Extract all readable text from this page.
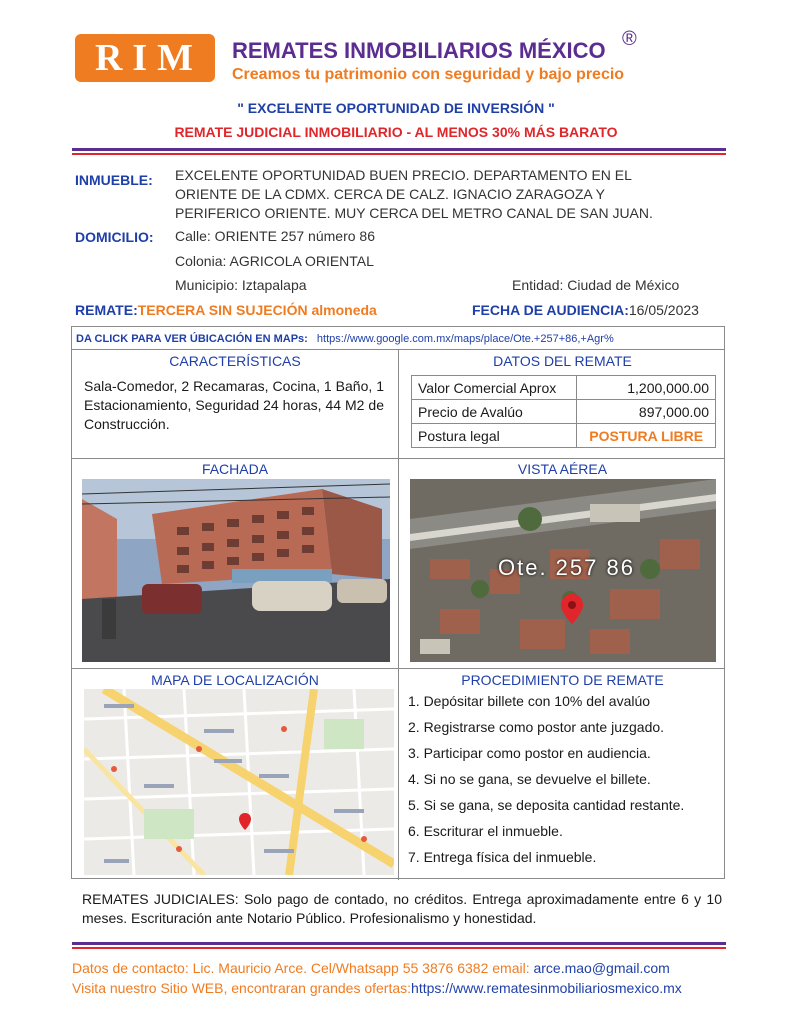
RIM	REMATES INMOBILIARIOS MÉXICO ®
Creamos tu patrimonio con seguridad y bajo precio
" EXCELENTE OPORTUNIDAD DE INVERSIÓN "
REMATE JUDICIAL INMOBILIARIO - AL MENOS 30% MÁS BARATO
INMUEBLE: EXCELENTE OPORTUNIDAD BUEN PRECIO. DEPARTAMENTO EN EL
ORIENTE DE LA CDMX. CERCA DE CALZ. IGNACIO ZARAGOZA Y
PERIFERICO ORIENTE. MUY CERCA DEL METRO CANAL DE SAN JUAN.
DOMICILIO: Calle: ORIENTE 257 número 86
Colonia: AGRICOLA ORIENTAL
Municipio: Iztapalapa	Entidad: Ciudad de México
REMATE:TERCERA SIN SUJECIÓN almoneda	FECHA DE AUDIENCIA:16/05/2023
DA CLICK PARA VER ÚBICACIÓN EN MAPs: https://www.google.com.mx/maps/place/Ote.+257+86,+Agr%
CARACTERÍSTICAS	DATOS DEL REMATE
Sala-Comedor, 2 Recamaras, Cocina, 1 Baño, 1 Estacionamiento, Seguridad 24 horas, 44 M2 de Construcción.
Valor Comercial Aprox	1,200,000.00
Precio de Avalúo	897,000.00
Postura legal	POSTURA LIBRE
FACHADA	VISTA AÉREA
Ote. 257 86
MAPA DE LOCALIZACIÓN	PROCEDIMIENTO DE REMATE
1. Depósitar billete con 10% del avalúo
2. Registrarse como postor ante juzgado.
3. Participar como postor en audiencia.
4. Si no se gana, se devuelve el billete.
5. Si se gana, se deposita cantidad restante.
6. Escriturar el inmueble.
7. Entrega física del inmueble.
REMATES JUDICIALES: Solo pago de contado, no créditos. Entrega aproximadamente entre 6 y 10 meses. Escrituración ante Notario Público. Profesionalismo y honestidad.
Datos de contacto: Lic. Mauricio Arce. Cel/Whatsapp 55 3876 6382 email: arce.mao@gmail.com
Visita nuestro Sitio WEB, encontraran grandes ofertas:https://www.rematesinmobiliariosmexico.mx
